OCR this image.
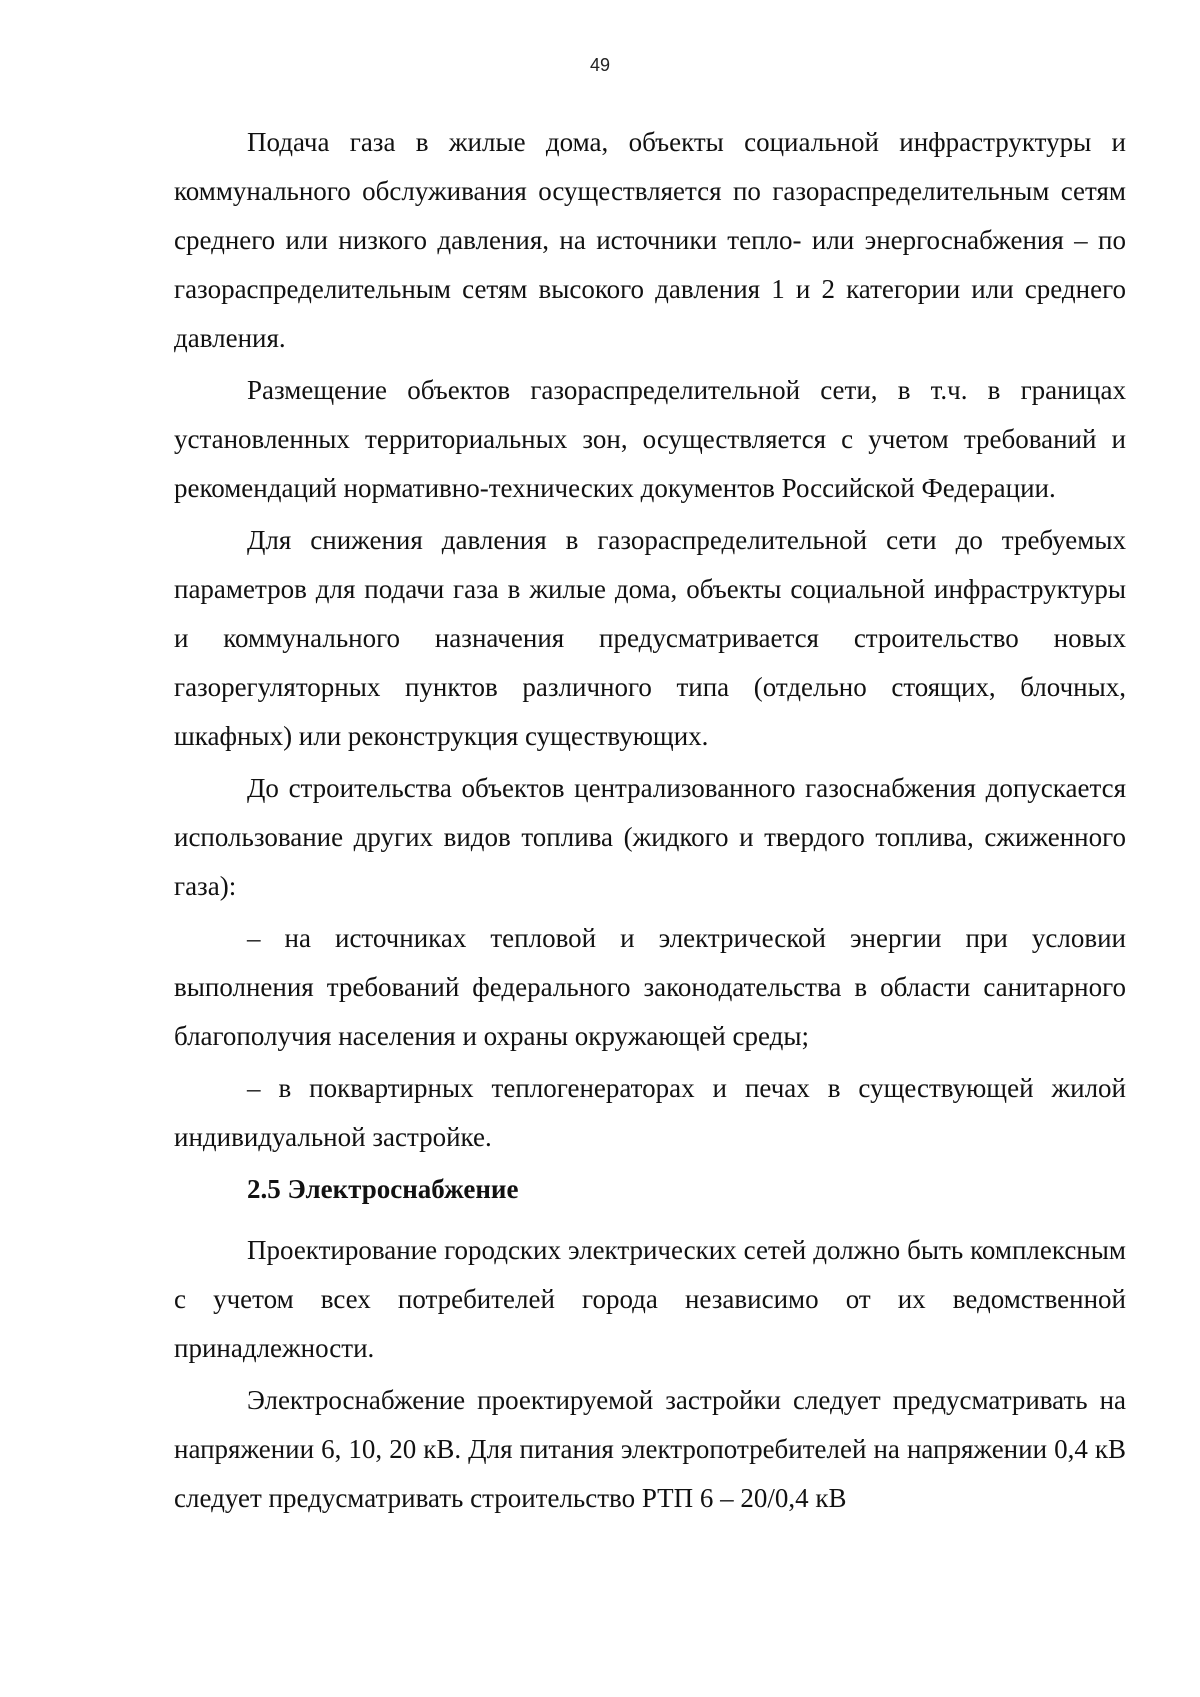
49

Подача газа в жилые дома, объекты социальной инфраструктуры и коммунального обслуживания осуществляется по газораспределительным сетям среднего или низкого давления, на источники тепло- или энергоснабжения – по газораспределительным сетям высокого давления 1 и 2 категории или среднего давления.

Размещение объектов газораспределительной сети, в т.ч. в границах установленных территориальных зон, осуществляется с учетом требований и рекомендаций нормативно-технических документов Российской Федерации.

Для снижения давления в газораспределительной сети до требуемых параметров для подачи газа в жилые дома, объекты социальной инфраструктуры и коммунального назначения предусматривается строительство новых газорегуляторных пунктов различного типа (отдельно стоящих, блочных, шкафных) или реконструкция существующих.

До строительства объектов централизованного газоснабжения допускается использование других видов топлива (жидкого и твердого топлива, сжиженного газа):

– на источниках тепловой и электрической энергии при условии выполнения требований федерального законодательства в области санитарного благополучия населения и охраны окружающей среды;

– в поквартирных теплогенераторах и печах в существующей жилой индивидуальной застройке.

2.5 Электроснабжение

Проектирование городских электрических сетей должно быть комплексным с учетом всех потребителей города независимо от их ведомственной принадлежности.

Электроснабжение проектируемой застройки следует предусматривать на напряжении 6, 10, 20 кВ. Для питания электропотребителей на напряжении 0,4 кВ следует предусматривать строительство РТП 6 – 20/0,4 кВ
